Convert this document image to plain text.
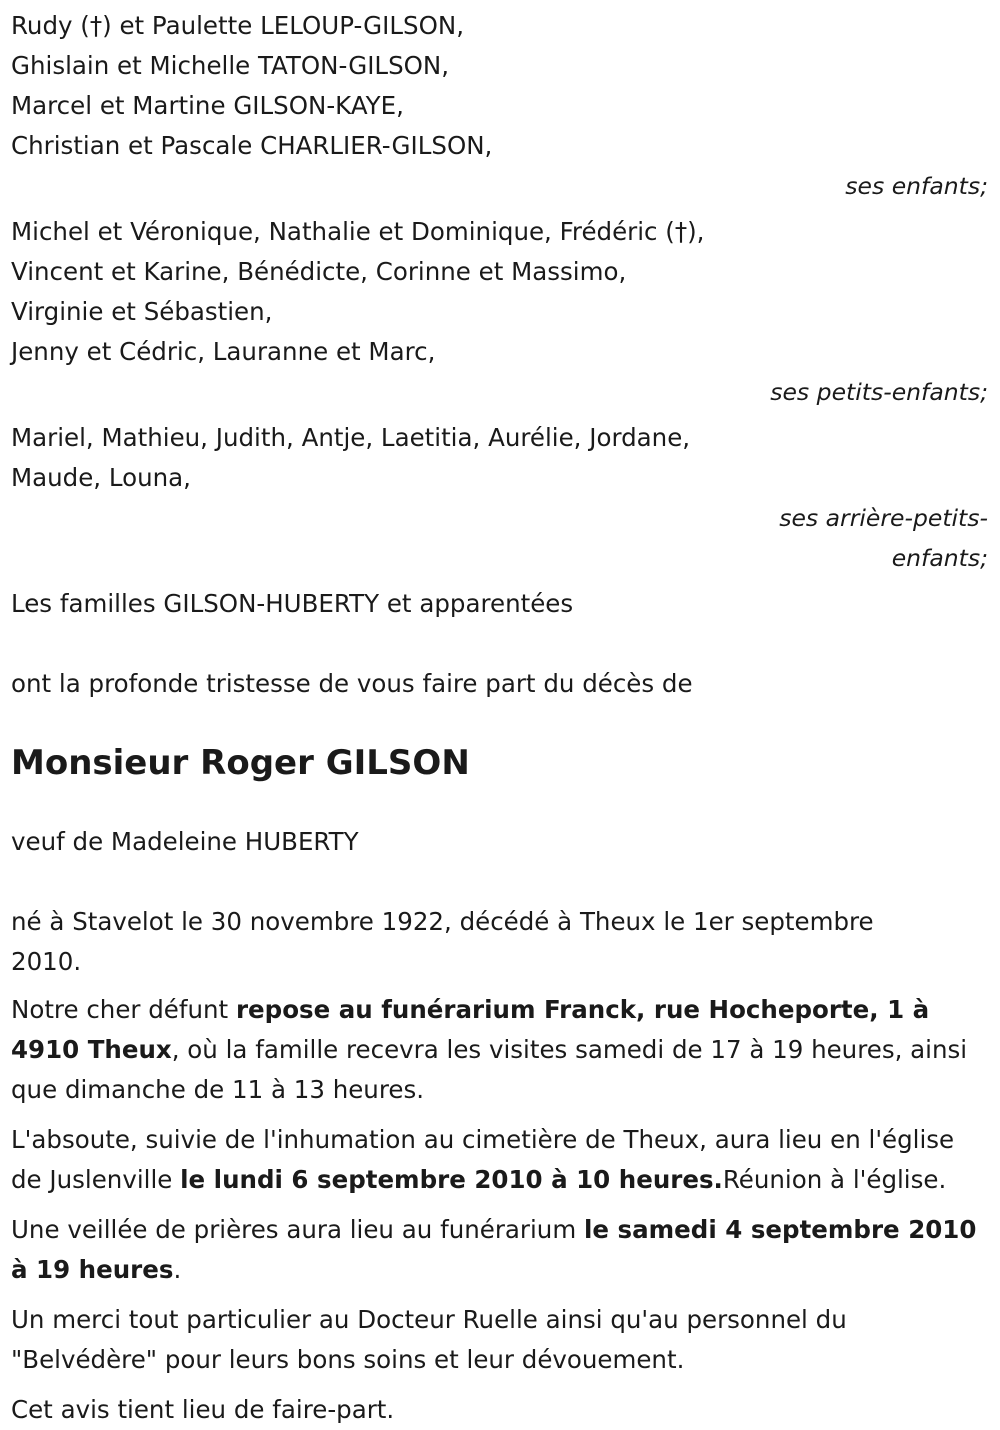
Rudy (†) et Paulette LELOUP-GILSON,
Ghislain et Michelle TATON-GILSON,
Marcel et Martine GILSON-KAYE,
Christian et Pascale CHARLIER-GILSON,
ses enfants;
Michel et Véronique, Nathalie et Dominique, Frédéric (†),
Vincent et Karine, Bénédicte, Corinne et Massimo,
Virginie et Sébastien,
Jenny et Cédric, Lauranne et Marc,
ses petits-enfants;
Mariel, Mathieu, Judith, Antje, Laetitia, Aurélie, Jordane,
Maude, Louna,
ses arrière-petits-
enfants;
Les familles GILSON-HUBERTY et apparentées
ont la profonde tristesse de vous faire part du décès de
Monsieur Roger GILSON
veuf de Madeleine HUBERTY
né à Stavelot le 30 novembre 1922, décédé à Theux le 1er septembre
2010.

Notre cher défunt repose au funérarium Franck, rue Hocheporte, 1 à 4910 Theux, où la famille recevra les visites samedi de 17 à 19 heures, ainsi que dimanche de 11 à 13 heures.

L'absoute, suivie de l'inhumation au cimetière de Theux, aura lieu en l'église de Juslenville le lundi 6 septembre 2010 à 10 heures.Réunion à l'église.

Une veillée de prières aura lieu au funérarium le samedi 4 septembre 2010 à 19 heures.

Un merci tout particulier au Docteur Ruelle ainsi qu'au personnel du "Belvédère" pour leurs bons soins et leur dévouement.

Cet avis tient lieu de faire-part.
